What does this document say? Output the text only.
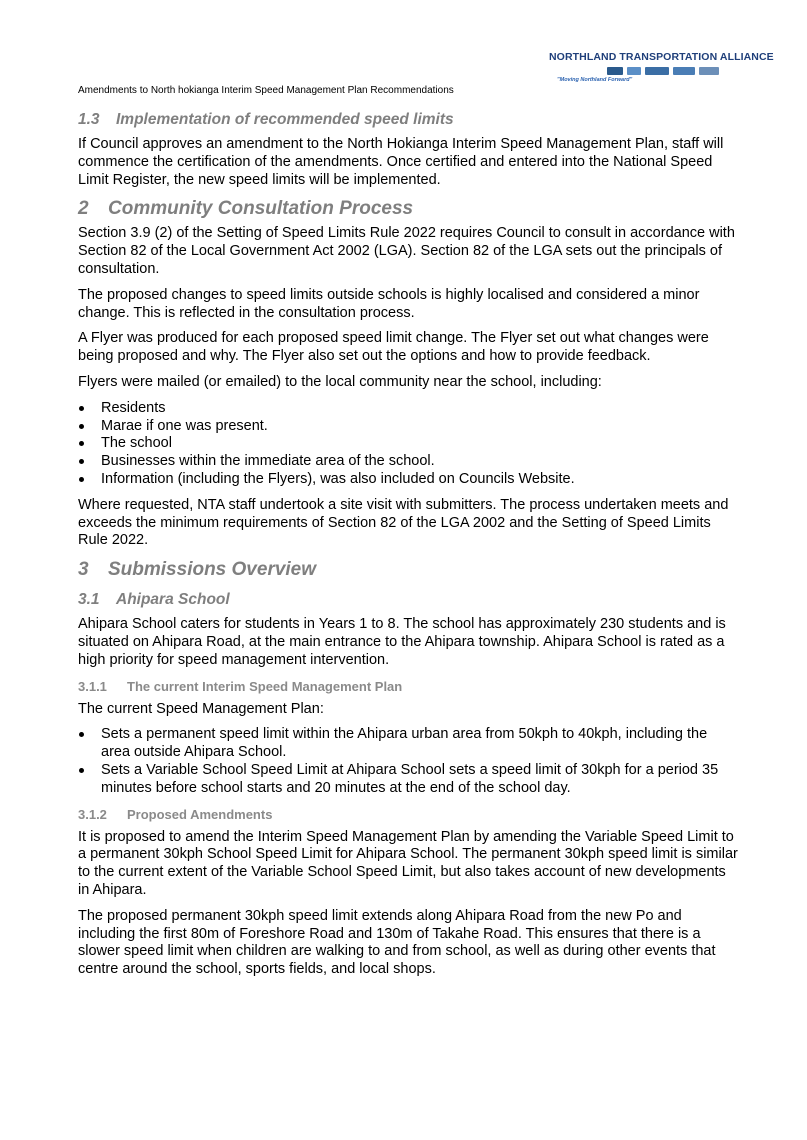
NORTHLAND TRANSPORTATION ALLIANCE
"Moving Northland Forward"
Amendments to North hokianga Interim Speed Management Plan Recommendations
1.3 Implementation of recommended speed limits

If Council approves an amendment to the North Hokianga Interim Speed Management Plan, staff will commence the certification of the amendments. Once certified and entered into the National Speed Limit Register, the new speed limits will be implemented.

2 Community Consultation Process

Section 3.9 (2) of the Setting of Speed Limits Rule 2022 requires Council to consult in accordance with Section 82 of the Local Government Act 2002 (LGA). Section 82 of the LGA sets out the principals of consultation.

The proposed changes to speed limits outside schools is highly localised and considered a minor change. This is reflected in the consultation process.

A Flyer was produced for each proposed speed limit change. The Flyer set out what changes were being proposed and why. The Flyer also set out the options and how to provide feedback.

Flyers were mailed (or emailed) to the local community near the school, including:

Residents
Marae if one was present.
The school
Businesses within the immediate area of the school.
Information (including the Flyers), was also included on Councils Website.

Where requested, NTA staff undertook a site visit with submitters. The process undertaken meets and exceeds the minimum requirements of Section 82 of the LGA 2002 and the Setting of Speed Limits Rule 2022.

3 Submissions Overview
3.1 Ahipara School

Ahipara School caters for students in Years 1 to 8. The school has approximately 230 students and is situated on Ahipara Road, at the main entrance to the Ahipara township. Ahipara School is rated as a high priority for speed management intervention.

3.1.1 The current Interim Speed Management Plan

The current Speed Management Plan:

Sets a permanent speed limit within the Ahipara urban area from 50kph to 40kph, including the area outside Ahipara School.
Sets a Variable School Speed Limit at Ahipara School sets a speed limit of 30kph for a period 35 minutes before school starts and 20 minutes at the end of the school day.
3.1.2 Proposed Amendments

It is proposed to amend the Interim Speed Management Plan by amending the Variable Speed Limit to a permanent 30kph School Speed Limit for Ahipara School. The permanent 30kph speed limit is similar to the current extent of the Variable School Speed Limit, but also takes account of new developments in Ahipara.

The proposed permanent 30kph speed limit extends along Ahipara Road from the new Po and including the first 80m of Foreshore Road and 130m of Takahe Road. This ensures that there is a slower speed limit when children are walking to and from school, as well as during other events that centre around the school, sports fields, and local shops.
